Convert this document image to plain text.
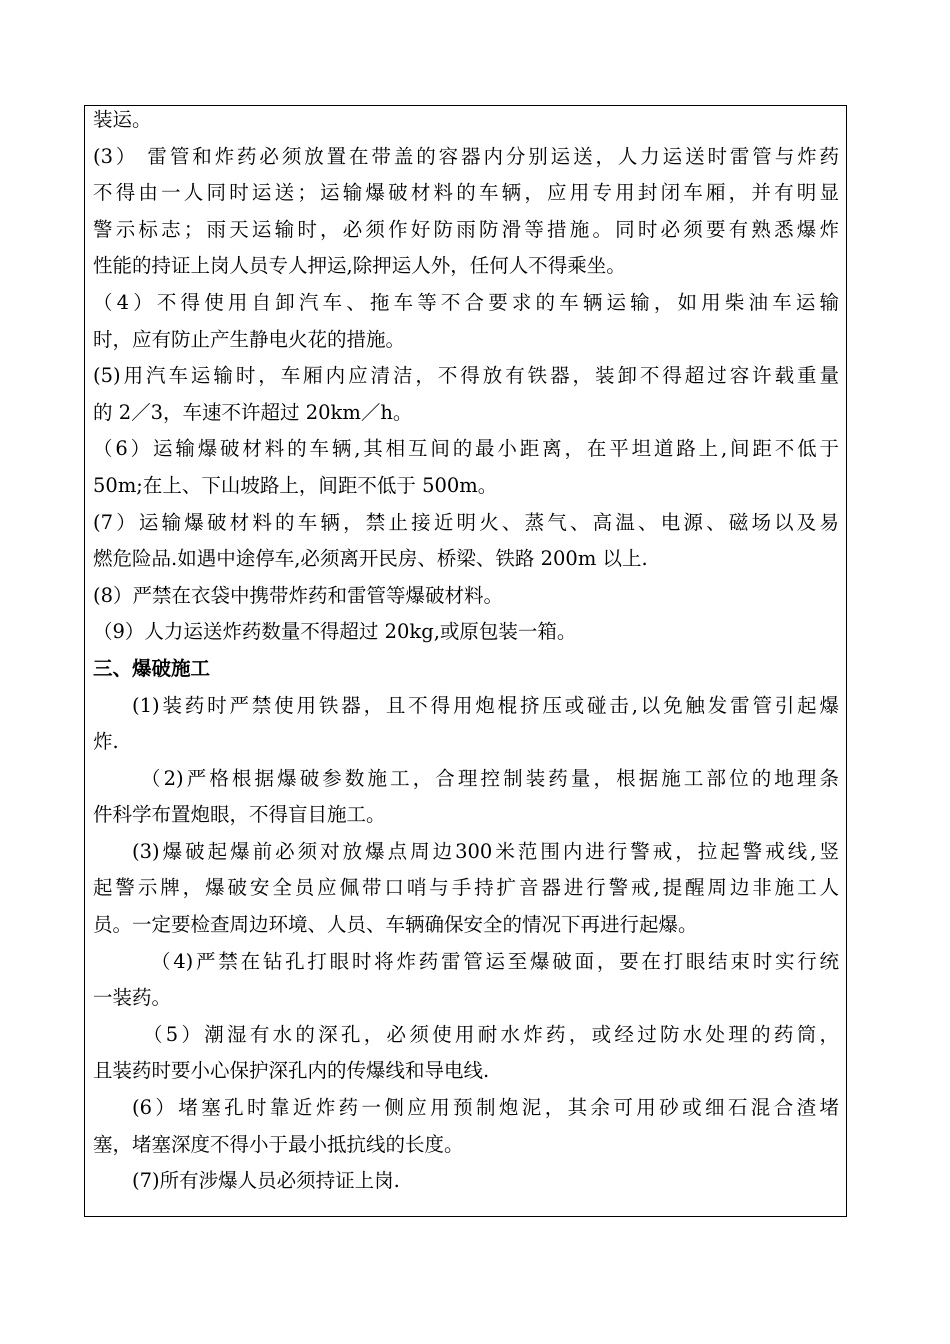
装运。
(3） 雷管和炸药必须放置在带盖的容器内分别运送，人力运送时雷管与炸药
不得由一人同时运送；运输爆破材料的车辆，应用专用封闭车厢，并有明显
警示标志；雨天运输时，必须作好防雨防滑等措施。同时必须要有熟悉爆炸
性能的持证上岗人员专人押运,除押运人外，任何人不得乘坐。
（4）不得使用自卸汽车、拖车等不合要求的车辆运输，如用柴油车运输
时，应有防止产生静电火花的措施。
(5)用汽车运输时，车厢内应清洁，不得放有铁器，装卸不得超过容许载重量
的 2／3，车速不许超过 20km／h。
（6）运输爆破材料的车辆,其相互间的最小距离，在平坦道路上,间距不低于
50m;在上、下山坡路上，间距不低于 500m。
(7）运输爆破材料的车辆，禁止接近明火、蒸气、高温、电源、磁场以及易
燃危险品.如遇中途停车,必须离开民房、桥梁、铁路 200m 以上.
(8）严禁在衣袋中携带炸药和雷管等爆破材料。
（9）人力运送炸药数量不得超过 20kg,或原包装一箱。
三、爆破施工
(1)装药时严禁使用铁器，且不得用炮棍挤压或碰击,以免触发雷管引起爆
炸.
（2)严格根据爆破参数施工，合理控制装药量，根据施工部位的地理条
件科学布置炮眼，不得盲目施工。
(3)爆破起爆前必须对放爆点周边300米范围内进行警戒，拉起警戒线,竖
起警示牌，爆破安全员应佩带口哨与手持扩音器进行警戒,提醒周边非施工人
员。一定要检查周边环境、人员、车辆确保安全的情况下再进行起爆。
（4)严禁在钻孔打眼时将炸药雷管运至爆破面，要在打眼结束时实行统
一装药。
（5）潮湿有水的深孔，必须使用耐水炸药，或经过防水处理的药筒，
且装药时要小心保护深孔内的传爆线和导电线.
(6）堵塞孔时靠近炸药一侧应用预制炮泥，其余可用砂或细石混合渣堵
塞，堵塞深度不得小于最小抵抗线的长度。
(7)所有涉爆人员必须持证上岗.
